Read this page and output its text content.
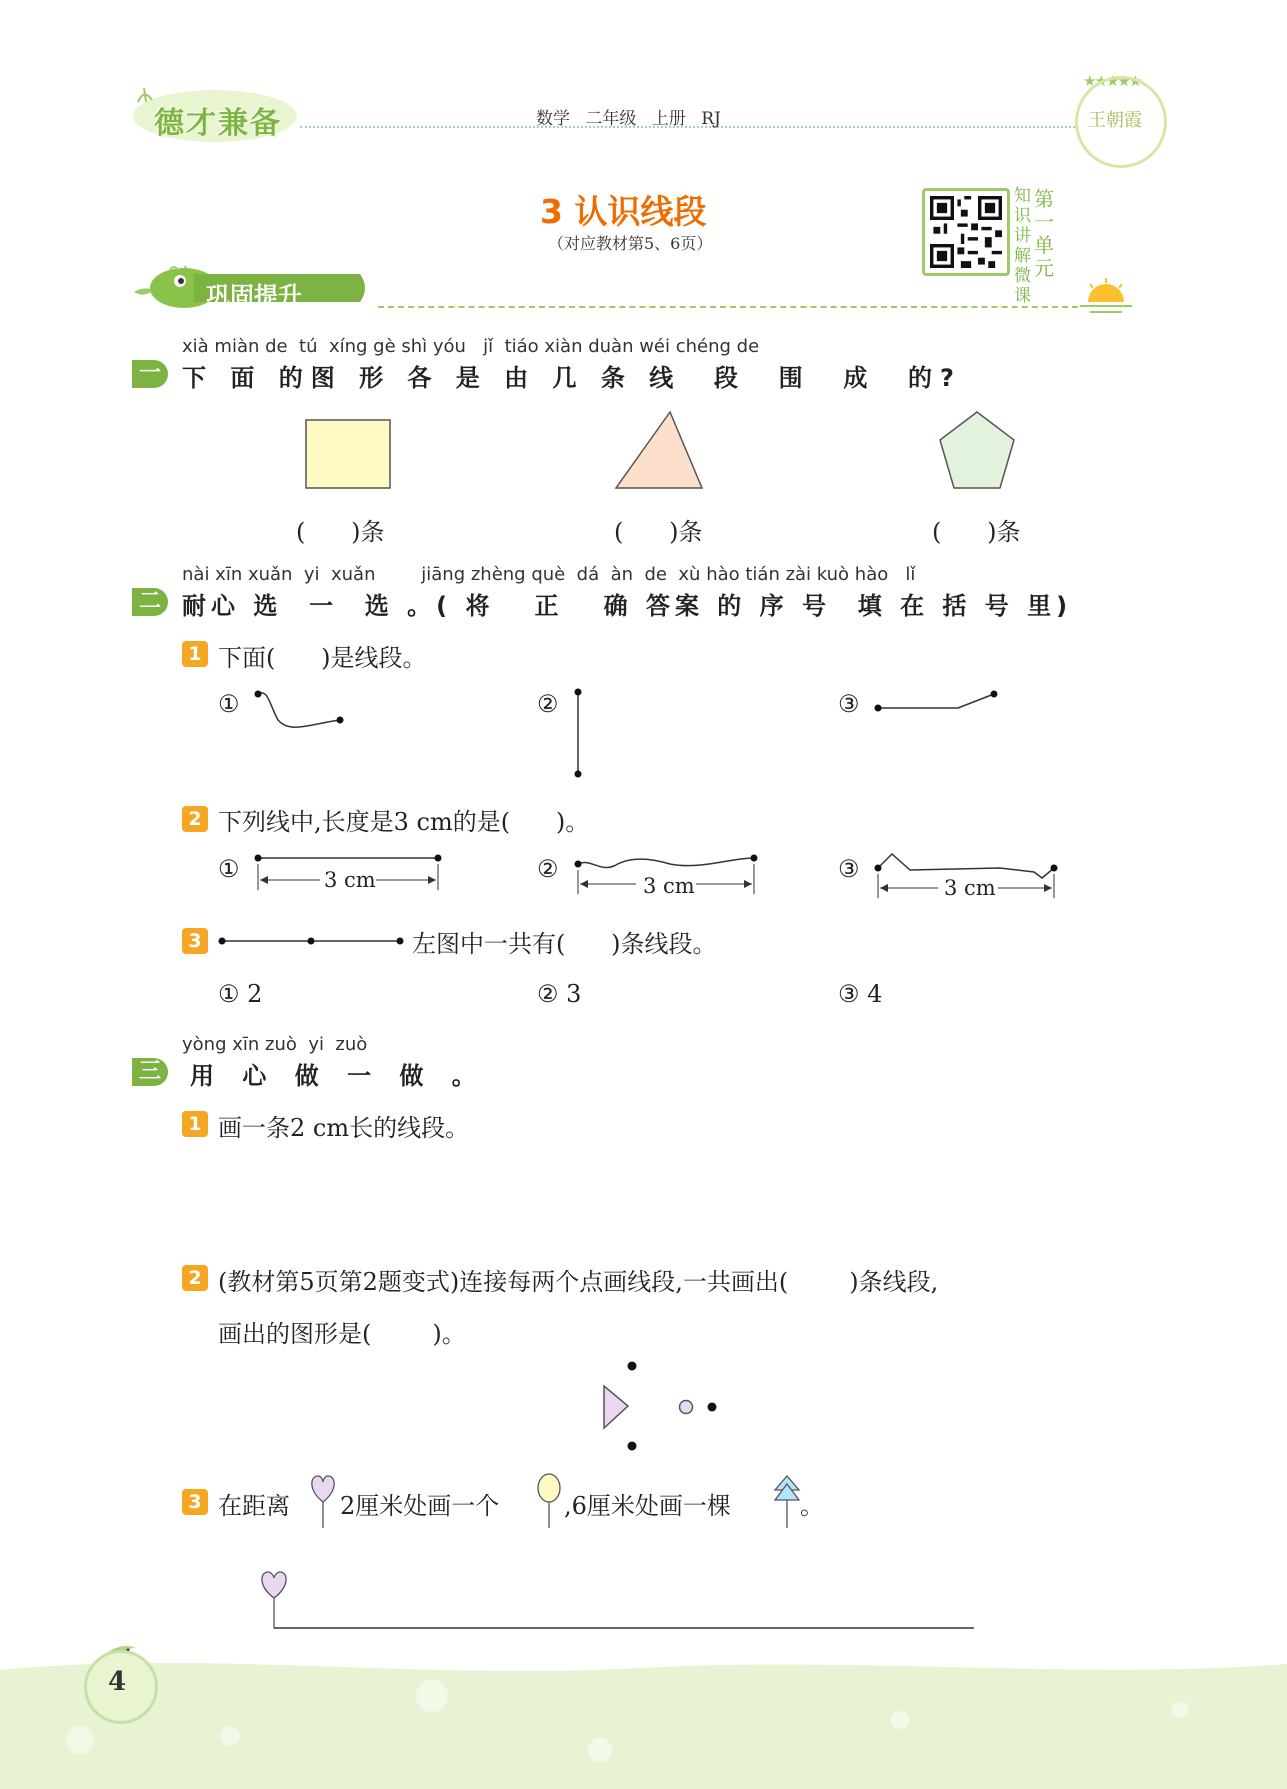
德才兼备	数学 二年级 上册 RJ
★★★★★
王朝霞
3 认识线段
（对应教材第5、6页）
知
识
讲
解
微
课
第
一
单
元
巩固提升
xià miàn de  tú  xíng gè shì yóu   jǐ  tiáo xiàn duàn wéi chéng de
一 下 面 的图 形 各 是 由 几 条 线  段  围  成  的?
(      )条	(      )条	(      )条
nài xīn xuǎn  yi  xuǎn        jiāng zhèng què  dá  àn  de  xù hào tián zài kuò hào   lǐ
二 耐心 选  一  选 。( 将   正   确 答案 的 序 号  填 在 括 号 里)
1 下面(      )是线段。
①	②	③
2 下列线中,长度是3 cm的是(      )。
①	3 cm	②
3 cm
③
3 cm
3	左图中一共有(      )条线段。
① 2	② 3	③ 4
yòng xīn zuò  yi  zuò
三 用 心 做 一 做 。
1 画一条2 cm长的线段。
2 (教材第5页第2题变式)连接每两个点画线段,一共画出(        )条线段,
画出的图形是(        )。
3 在距离 2厘米处画一个	,6厘米处画一棵	。
4
